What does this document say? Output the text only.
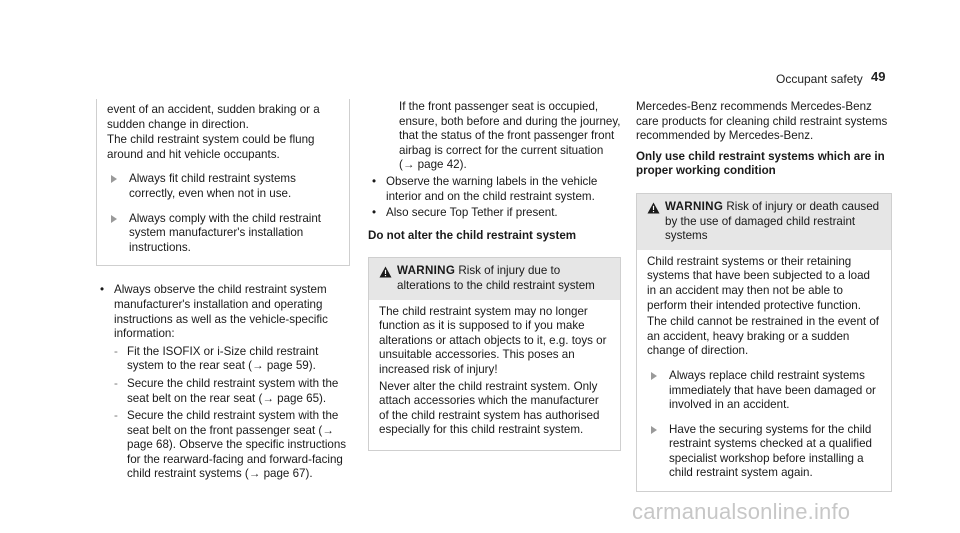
Occupant safety 49

event of an accident, sudden braking or a sudden change in direction.

The child restraint system could be flung around and hit vehicle occupants.

Always fit child restraint systems correctly, even when not in use.
Always comply with the child restraint system manufacturer's installation instructions.
• Always observe the child restraint system manufacturer's installation and operating instructions as well as the vehicle-specific information:
- Fit the ISOFIX or i-Size child restraint system to the rear seat (→ page 59).
- Secure the child restraint system with the seat belt on the rear seat (→ page 65).
- Secure the child restraint system with the seat belt on the front passenger seat (→ page 68). Observe the specific instructions for the rearward-facing and forward-facing child restraint systems (→ page 67).

If the front passenger seat is occupied, ensure, both before and during the journey, that the status of the front passenger front airbag is correct for the current situation (→ page 42).

• Observe the warning labels in the vehicle interior and on the child restraint system.
• Also secure Top Tether if present.

Do not alter the child restraint system

WARNING Risk of injury due to alterations to the child restraint system

The child restraint system may no longer function as it is supposed to if you make alterations or attach objects to it, e.g. toys or unsuitable accessories. This poses an increased risk of injury!

Never alter the child restraint system. Only attach accessories which the manufacturer of the child restraint system has authorised especially for this child restraint system.

Mercedes-Benz recommends Mercedes-Benz care products for cleaning child restraint systems recommended by Mercedes-Benz.

Only use child restraint systems which are in proper working condition

WARNING Risk of injury or death caused by the use of damaged child restraint systems

Child restraint systems or their retaining systems that have been subjected to a load in an accident may then not be able to perform their intended protective function.

The child cannot be restrained in the event of an accident, heavy braking or a sudden change of direction.

Always replace child restraint systems immediately that have been damaged or involved in an accident.
Have the securing systems for the child restraint systems checked at a qualified specialist workshop before installing a child restraint system again.
carmanualsonline.info
